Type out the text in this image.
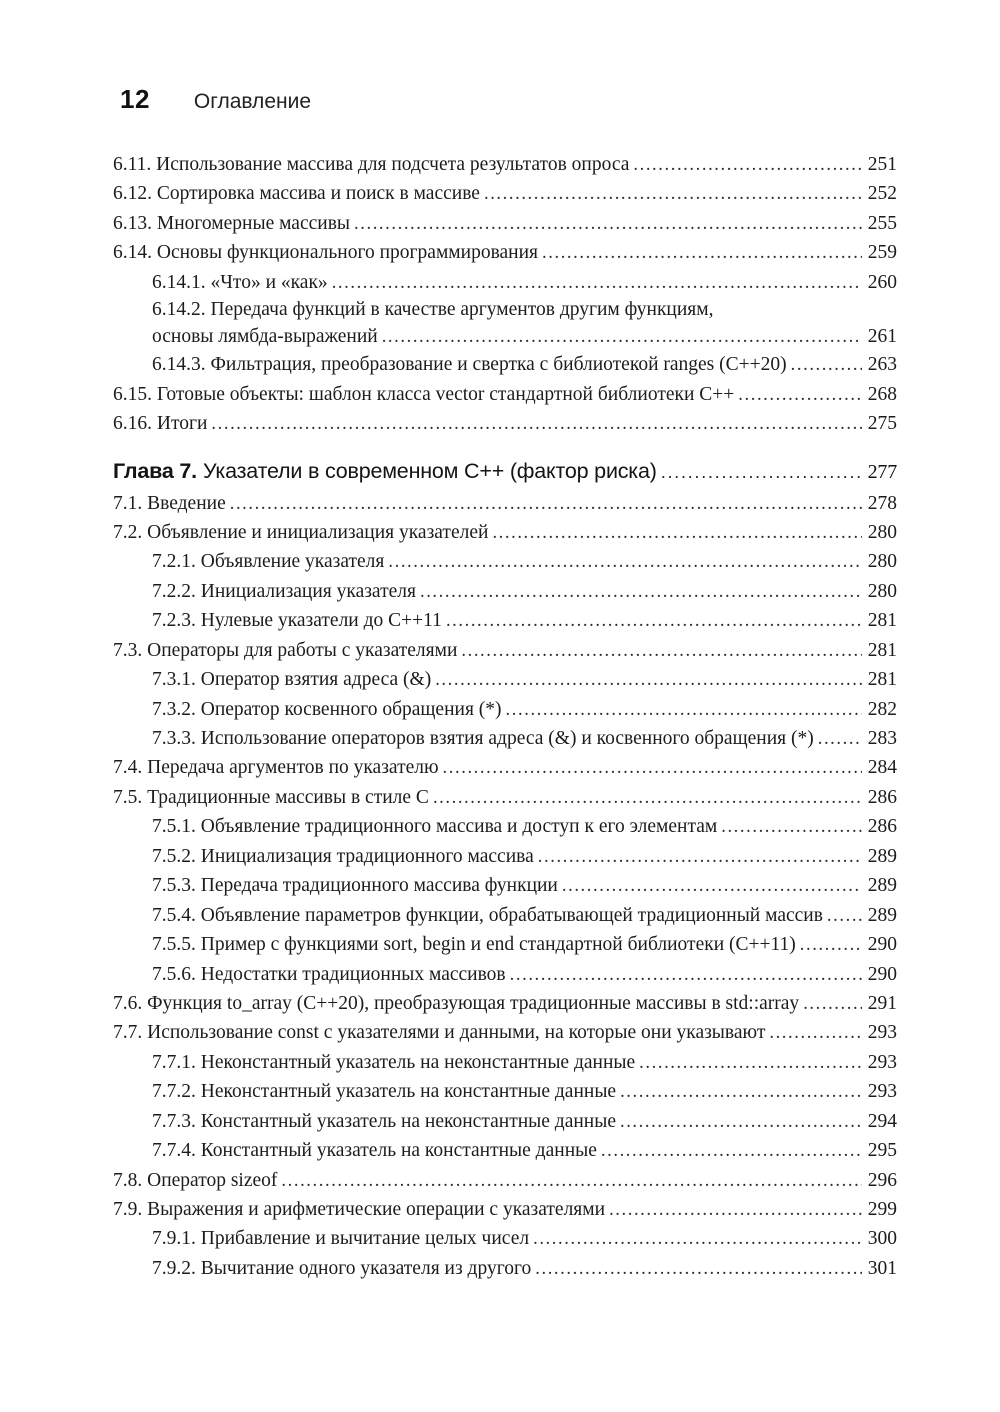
12 Оглавление
6.11. Использование массива для подсчета результатов опроса .....	251
6.12. Сортировка массива и поиск в массиве .....	252
6.13. Многомерные массивы .....	255
6.14. Основы функционального программирования .....	259
6.14.1. «Что» и «как» .....	260
6.14.2. Передача функций в качестве аргументов другим функциям,
основы лямбда-выражений .....	261
6.14.3. Фильтрация, преобразование и свертка с библиотекой ranges (C++20) .....	263
6.15. Готовые объекты: шаблон класса vector стандартной библиотеки C++ .....	268
6.16. Итоги .....	275
Глава 7. Указатели в современном C++ (фактор риска) .....	277
7.1. Введение .....	278
7.2. Объявление и инициализация указателей .....	280
7.2.1. Объявление указателя .....	280
7.2.2. Инициализация указателя .....	280
7.2.3. Нулевые указатели до C++11 .....	281
7.3. Операторы для работы с указателями .....	281
7.3.1. Оператор взятия адреса (&) .....	281
7.3.2. Оператор косвенного обращения (*) .....	282
7.3.3. Использование операторов взятия адреса (&) и косвенного обращения (*) .....	283
7.4. Передача аргументов по указателю .....	284
7.5. Традиционные массивы в стиле C .....	286
7.5.1. Объявление традиционного массива и доступ к его элементам .....	286
7.5.2. Инициализация традиционного массива .....	289
7.5.3. Передача традиционного массива функции .....	289
7.5.4. Объявление параметров функции, обрабатывающей традиционный массив ..... 289
7.5.5. Пример с функциями sort, begin и end стандартной библиотеки (C++11) .....	290
7.5.6. Недостатки традиционных массивов .....	290
7.6. Функция to_array (C++20), преобразующая традиционные массивы в std::array .....	291
7.7. Использование const с указателями и данными, на которые они указывают .....	293
7.7.1. Неконстантный указатель на неконстантные данные .....	293
7.7.2. Неконстантный указатель на константные данные .....	293
7.7.3. Константный указатель на неконстантные данные .....	294
7.7.4. Константный указатель на константные данные .....	295
7.8. Оператор sizeof .....	296
7.9. Выражения и арифметические операции с указателями .....	299
7.9.1. Прибавление и вычитание целых чисел .....	300
7.9.2. Вычитание одного указателя из другого .....	301
